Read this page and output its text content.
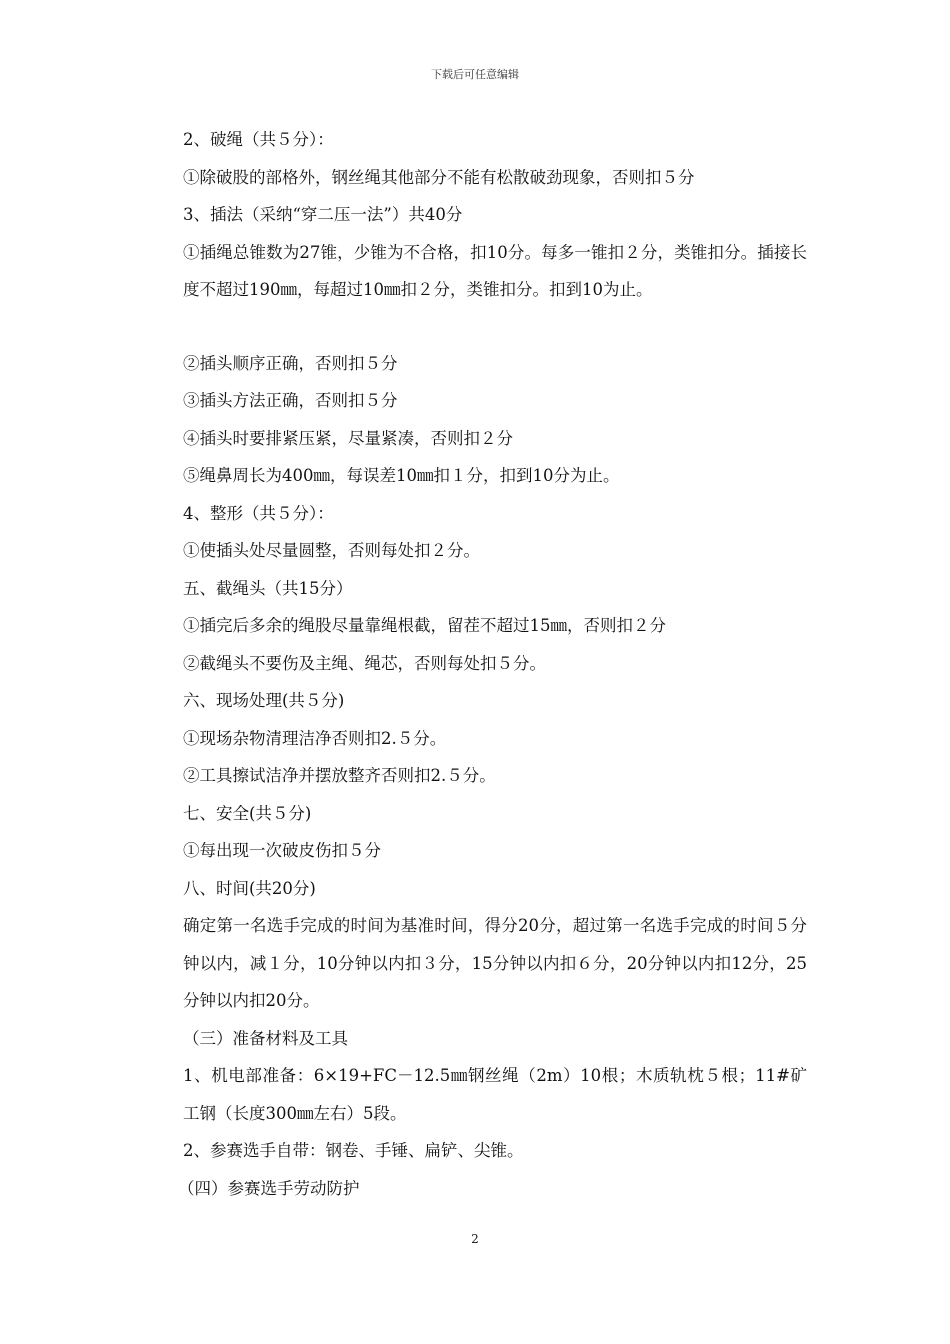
下载后可任意编辑

2、破绳（共５分）：

①除破股的部格外，钢丝绳其他部分不能有松散破劲现象，否则扣５分

3、插法（采纳“穿二压一法”）共40分

①插绳总锥数为27锥，少锥为不合格，扣10分。每多一锥扣２分，类锥扣分。插接长度不超过190㎜，每超过10㎜扣２分，类锥扣分。扣到10为止。

②插头顺序正确，否则扣５分

③插头方法正确，否则扣５分

④插头时要排紧压紧，尽量紧凑，否则扣２分

⑤绳鼻周长为400㎜，每误差10㎜扣１分，扣到10分为止。

4、整形（共５分）：

①使插头处尽量圆整，否则每处扣２分。

五、截绳头（共15分）

①插完后多余的绳股尽量靠绳根截，留茬不超过15㎜，否则扣２分

②截绳头不要伤及主绳、绳芯，否则每处扣５分。

六、现场处理(共５分)

①现场杂物清理洁净否则扣2.５分。

②工具擦试洁净并摆放整齐否则扣2.５分。

七、安全(共５分)

①每出现一次破皮伤扣５分

八、时间(共20分)

确定第一名选手完成的时间为基准时间，得分20分，超过第一名选手完成的时间５分钟以内，减１分，10分钟以内扣３分，15分钟以内扣６分，20分钟以内扣12分，25分钟以内扣20分。

（三）准备材料及工具

1、机电部准备：6×19+FC－12.5㎜钢丝绳（2m）10根；木质轨枕５根；11#矿工钢（长度300㎜左右）5段。

2、参赛选手自带：钢卷、手锤、扁铲、尖锥。

（四）参赛选手劳动防护

2
